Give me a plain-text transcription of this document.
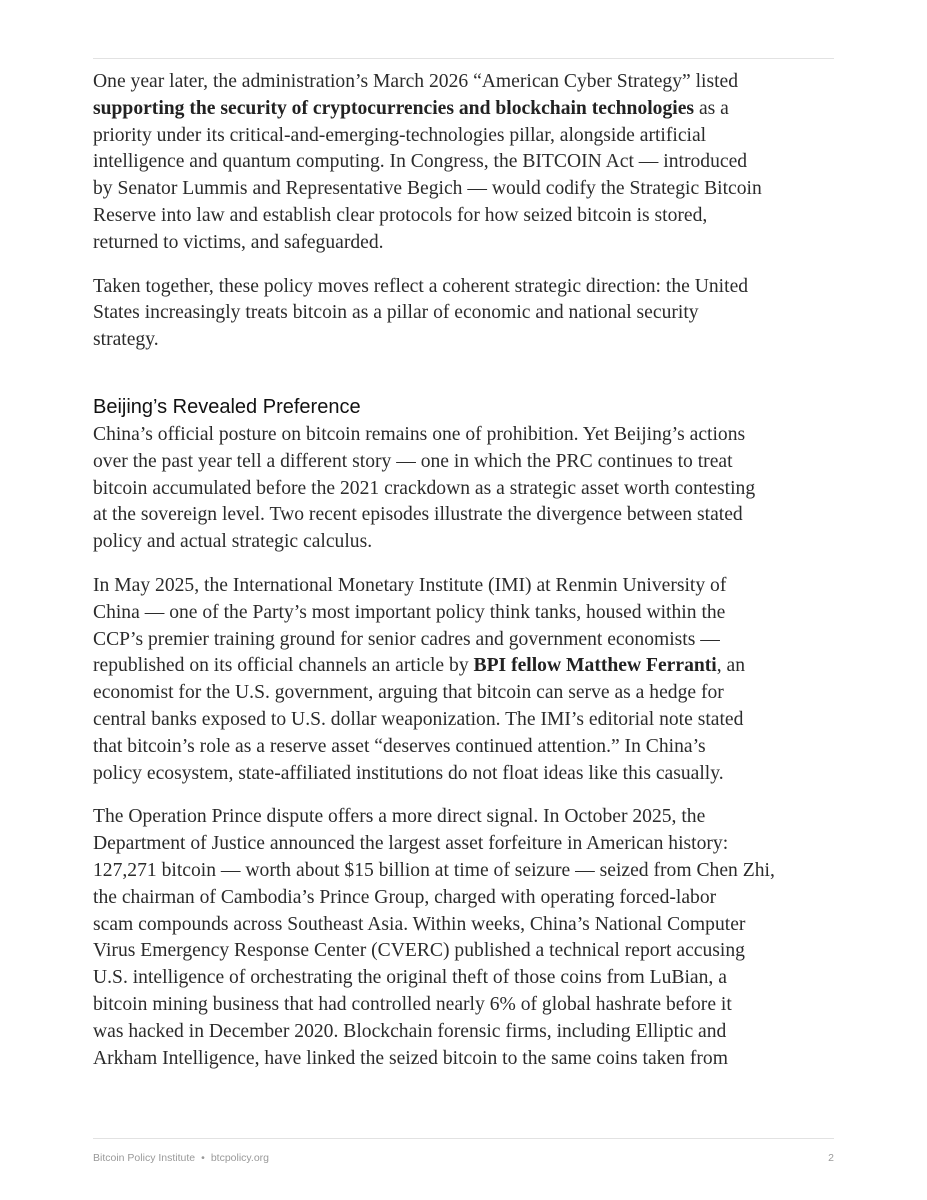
One year later, the administration’s March 2026 “American Cyber Strategy” listed
supporting the security of cryptocurrencies and blockchain technologies as a
priority under its critical-and-emerging-technologies pillar, alongside artificial
intelligence and quantum computing. In Congress, the BITCOIN Act — introduced
by Senator Lummis and Representative Begich — would codify the Strategic Bitcoin
Reserve into law and establish clear protocols for how seized bitcoin is stored,
returned to victims, and safeguarded.
Taken together, these policy moves reflect a coherent strategic direction: the United
States increasingly treats bitcoin as a pillar of economic and national security
strategy.
Beijing’s Revealed Preference
China’s official posture on bitcoin remains one of prohibition. Yet Beijing’s actions
over the past year tell a different story — one in which the PRC continues to treat
bitcoin accumulated before the 2021 crackdown as a strategic asset worth contesting
at the sovereign level. Two recent episodes illustrate the divergence between stated
policy and actual strategic calculus.
In May 2025, the International Monetary Institute (IMI) at Renmin University of
China — one of the Party’s most important policy think tanks, housed within the
CCP’s premier training ground for senior cadres and government economists —
republished on its official channels an article by BPI fellow Matthew Ferranti, an
economist for the U.S. government, arguing that bitcoin can serve as a hedge for
central banks exposed to U.S. dollar weaponization. The IMI’s editorial note stated
that bitcoin’s role as a reserve asset “deserves continued attention.” In China’s
policy ecosystem, state-affiliated institutions do not float ideas like this casually.
The Operation Prince dispute offers a more direct signal. In October 2025, the
Department of Justice announced the largest asset forfeiture in American history:
127,271 bitcoin — worth about $15 billion at time of seizure — seized from Chen Zhi,
the chairman of Cambodia’s Prince Group, charged with operating forced-labor
scam compounds across Southeast Asia. Within weeks, China’s National Computer
Virus Emergency Response Center (CVERC) published a technical report accusing
U.S. intelligence of orchestrating the original theft of those coins from LuBian, a
bitcoin mining business that had controlled nearly 6% of global hashrate before it
was hacked in December 2020. Blockchain forensic firms, including Elliptic and
Arkham Intelligence, have linked the seized bitcoin to the same coins taken from
Bitcoin Policy Institute • btcpolicy.org	2
